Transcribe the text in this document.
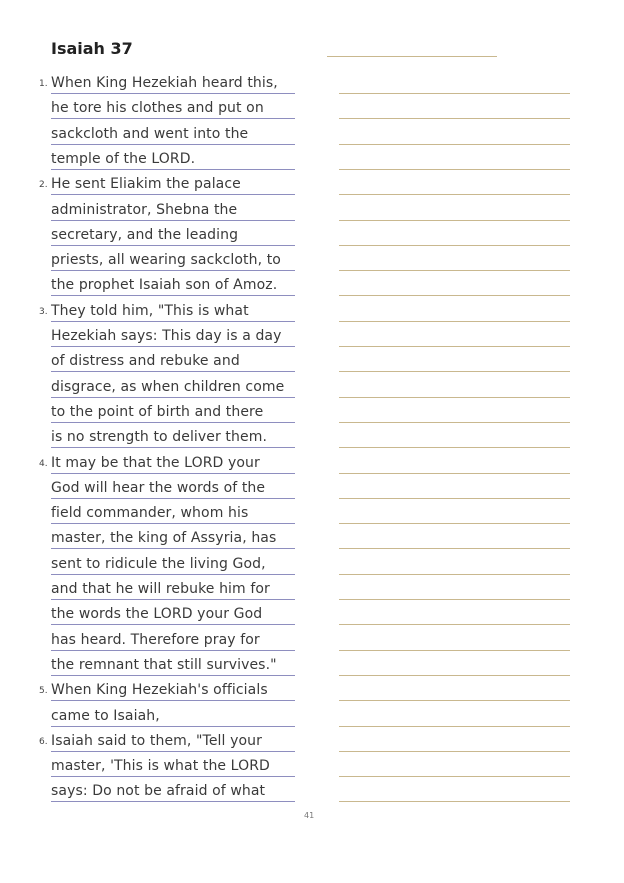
Isaiah 37
1. When King Hezekiah heard this,
he tore his clothes and put on
sackcloth and went into the
temple of the LORD.
2. He sent Eliakim the palace
administrator, Shebna the
secretary, and the leading
priests, all wearing sackcloth, to
the prophet Isaiah son of Amoz.
3. They told him, "This is what
Hezekiah says: This day is a day
of distress and rebuke and
disgrace, as when children come
to the point of birth and there
is no strength to deliver them.
4. It may be that the LORD your
God will hear the words of the
field commander, whom his
master, the king of Assyria, has
sent to ridicule the living God,
and that he will rebuke him for
the words the LORD your God
has heard. Therefore pray for
the remnant that still survives."
5. When King Hezekiah's officials
came to Isaiah,
6. Isaiah said to them, "Tell your
master, 'This is what the LORD
says: Do not be afraid of what
41
